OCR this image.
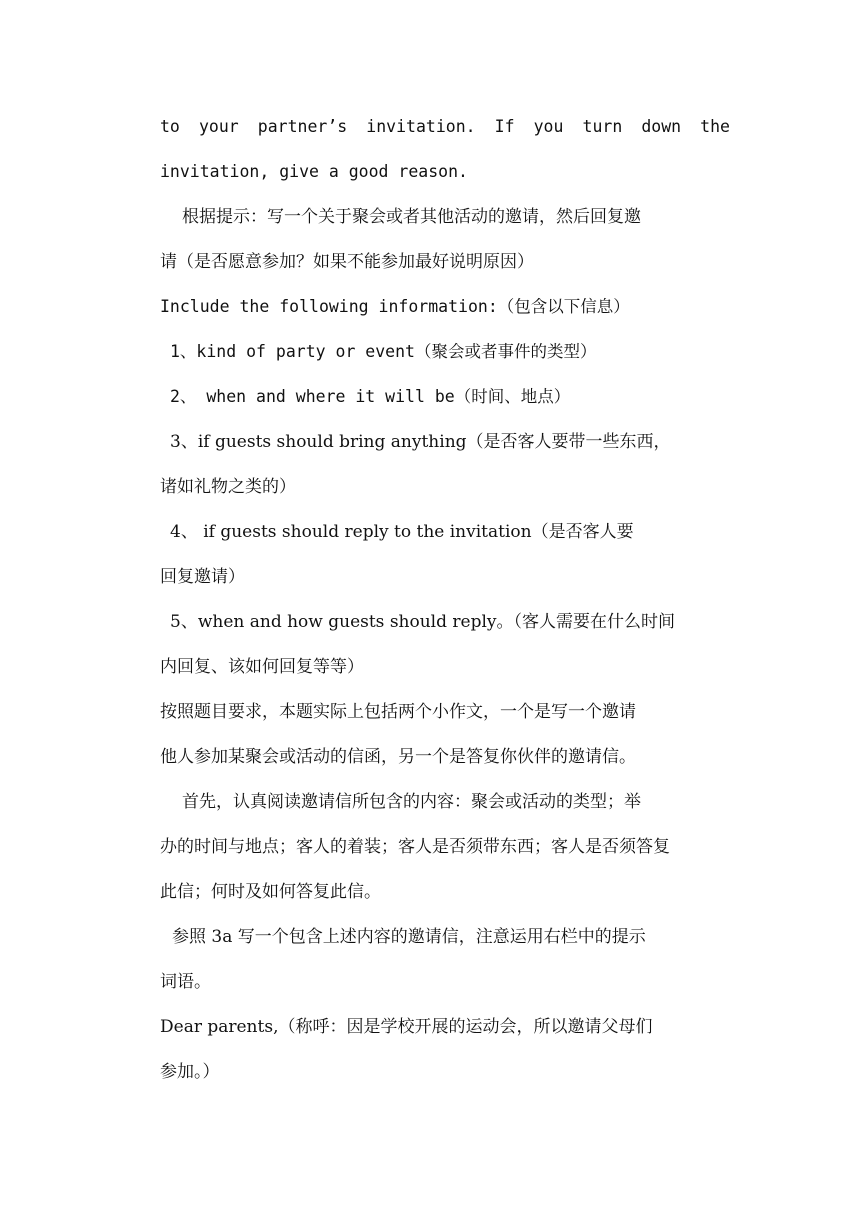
to your partner’s invitation. If you turn down the
invitation, give a good reason.
根据提示：写一个关于聚会或者其他活动的邀请，然后回复邀
请（是否愿意参加？如果不能参加最好说明原因）
Include the following information:（包含以下信息）
1、kind of party or event（聚会或者事件的类型）
2、 when and where it will be（时间、地点）
3、if guests should bring anything（是否客人要带一些东西，
诸如礼物之类的）
4、 if guests should reply to the invitation（是否客人要
回复邀请）
5、when and how guests should reply。（客人需要在什么时间
内回复、该如何回复等等）
按照题目要求，本题实际上包括两个小作文，一个是写一个邀请
他人参加某聚会或活动的信函，另一个是答复你伙伴的邀请信。
首先，认真阅读邀请信所包含的内容：聚会或活动的类型；举
办的时间与地点；客人的着装；客人是否须带东西；客人是否须答复
此信；何时及如何答复此信。
参照 3a 写一个包含上述内容的邀请信，注意运用右栏中的提示
词语。
Dear parents,（称呼：因是学校开展的运动会，所以邀请父母们
参加。）
